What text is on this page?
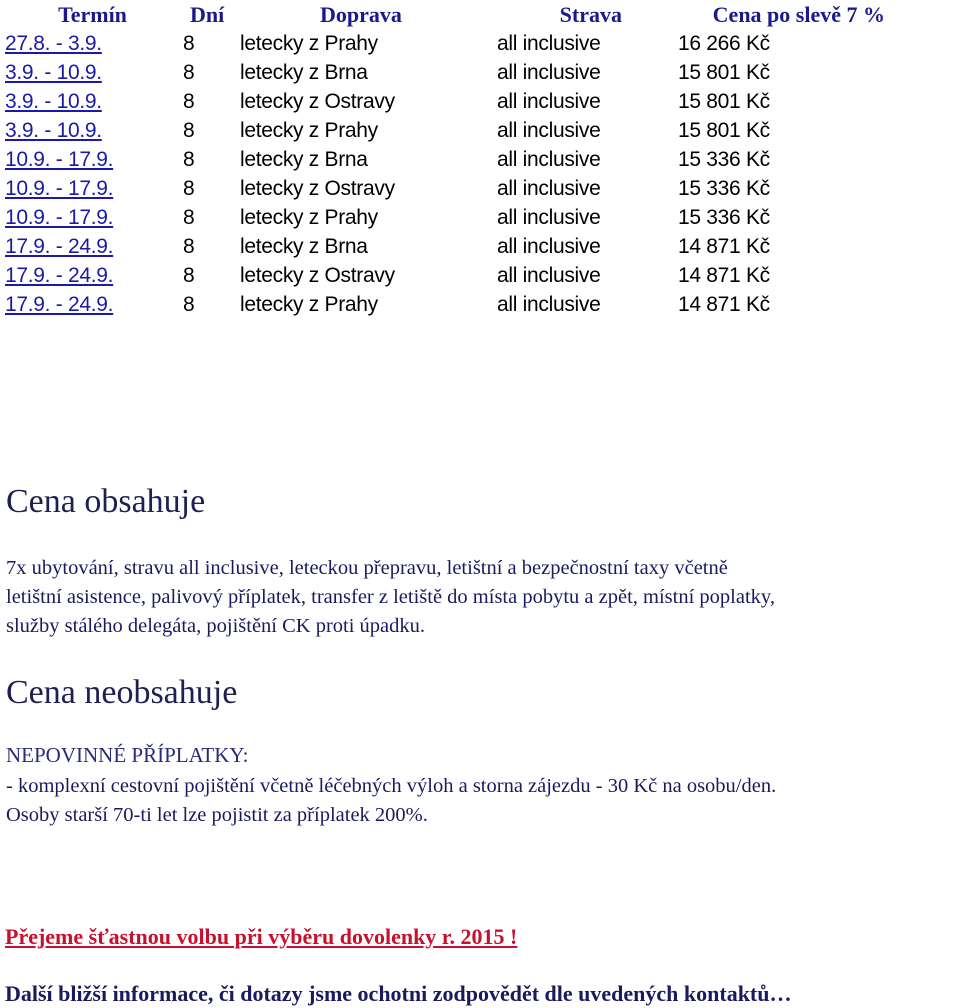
Termín	Dní	Doprava	Strava	Cena po slevě 7 %
27.8. - 3.9.	8	letecky z Prahy	all inclusive	16 266 Kč
3.9. - 10.9.	8	letecky z Brna	all inclusive	15 801 Kč
3.9. - 10.9.	8	letecky z Ostravy	all inclusive	15 801 Kč
3.9. - 10.9.	8	letecky z Prahy	all inclusive	15 801 Kč
10.9. - 17.9.	8	letecky z Brna	all inclusive	15 336 Kč
10.9. - 17.9.	8	letecky z Ostravy	all inclusive	15 336 Kč
10.9. - 17.9.	8	letecky z Prahy	all inclusive	15 336 Kč
17.9. - 24.9.	8	letecky z Brna	all inclusive	14 871 Kč
17.9. - 24.9.	8	letecky z Ostravy	all inclusive	14 871 Kč
17.9. - 24.9.	8	letecky z Prahy	all inclusive	14 871 Kč
Cena obsahuje

7x ubytování, stravu all inclusive, leteckou přepravu, letištní a bezpečnostní taxy včetně
letištní asistence, palivový příplatek, transfer z letiště do místa pobytu a zpět, místní poplatky,
služby stálého delegáta, pojištění CK proti úpadku.

Cena neobsahuje

NEPOVINNÉ PŘÍPLATKY:

- komplexní cestovní pojištění včetně léčebných výloh a storna zájezdu - 30 Kč na osobu/den.
Osoby starší 70-ti let lze pojistit za příplatek 200%.

Přejeme šťastnou volbu při výběru dovolenky r. 2015 !

Další bližší informace, či dotazy jsme ochotni zodpovědět dle uvedených kontaktů…
